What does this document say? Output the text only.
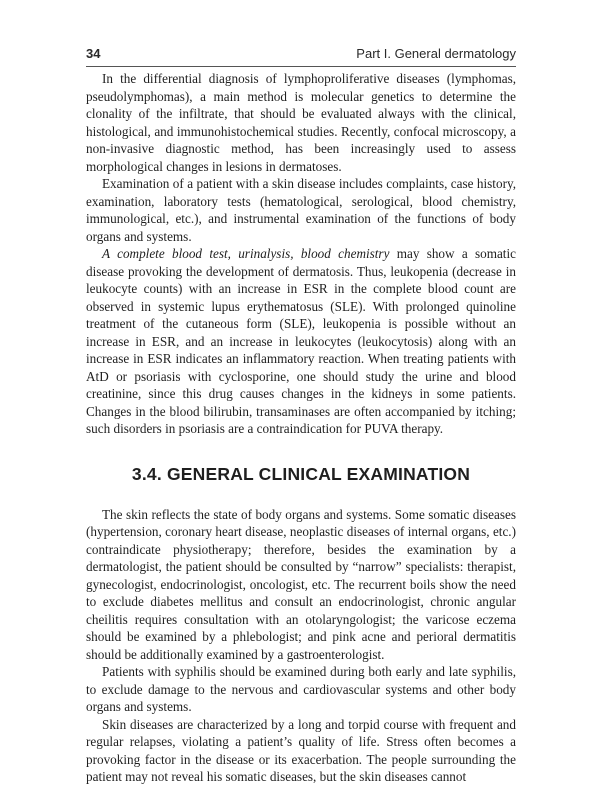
34	Part I. General dermatology

In the differential diagnosis of lymphoproliferative diseases (lymphomas, pseudolymphomas), a main method is molecular genetics to determine the clonality of the infiltrate, that should be evaluated always with the clinical, histological, and immunohistochemical studies. Recently, confocal microscopy, a non-invasive diagnostic method, has been increasingly used to assess morphological changes in lesions in dermatoses.

Examination of a patient with a skin disease includes complaints, case history, examination, laboratory tests (hematological, serological, blood chemistry, immunological, etc.), and instrumental examination of the functions of body organs and systems.

A complete blood test, urinalysis, blood chemistry may show a somatic disease provoking the development of dermatosis. Thus, leukopenia (decrease in leukocyte counts) with an increase in ESR in the complete blood count are observed in systemic lupus erythematosus (SLE). With prolonged quinoline treatment of the cutaneous form (SLE), leukopenia is possible without an increase in ESR, and an increase in leukocytes (leukocytosis) along with an increase in ESR indicates an inflammatory reaction. When treating patients with AtD or psoriasis with cyclosporine, one should study the urine and blood creatinine, since this drug causes changes in the kidneys in some patients. Changes in the blood bilirubin, transaminases are often accompanied by itching; such disorders in psoriasis are a contraindication for PUVA therapy.

3.4. GENERAL CLINICAL EXAMINATION

The skin reflects the state of body organs and systems. Some somatic diseases (hypertension, coronary heart disease, neoplastic diseases of internal organs, etc.) contraindicate physiotherapy; therefore, besides the examination by a dermatologist, the patient should be consulted by “narrow” specialists: therapist, gynecologist, endocrinologist, oncologist, etc. The recurrent boils show the need to exclude diabetes mellitus and consult an endocrinologist, chronic angular cheilitis requires consultation with an otolaryngologist; the varicose eczema should be examined by a phlebologist; and pink acne and perioral dermatitis should be additionally examined by a gastroenterologist.

Patients with syphilis should be examined during both early and late syphilis, to exclude damage to the nervous and cardiovascular systems and other body organs and systems.

Skin diseases are characterized by a long and torpid course with frequent and regular relapses, violating a patient’s quality of life. Stress often becomes a provoking factor in the disease or its exacerbation. The people surrounding the patient may not reveal his somatic diseases, but the skin diseases cannot
